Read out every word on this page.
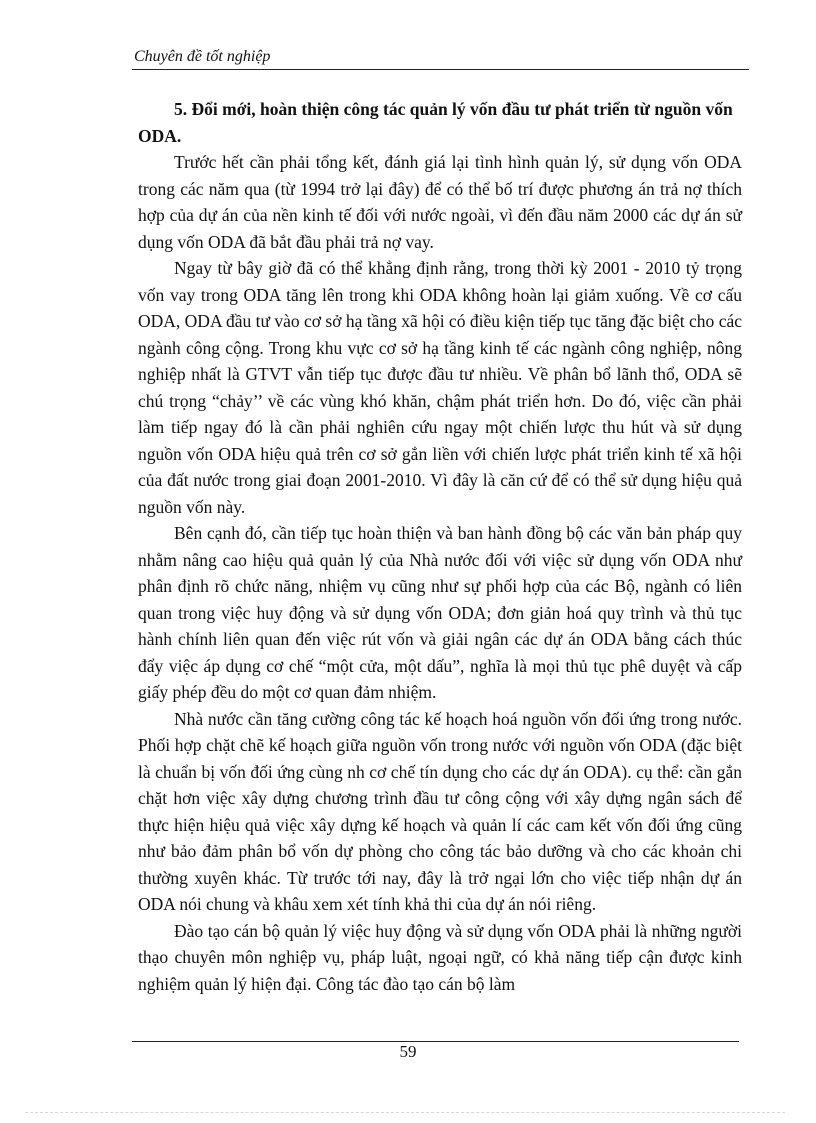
Chuyên đề tốt nghiệp

5. Đổi mới, hoàn thiện công tác quản lý vốn đầu tư phát triển từ nguồn vốn ODA.

Trước hết cần phải tổng kết, đánh giá lại tình hình quản lý, sử dụng vốn ODA trong các năm qua (từ 1994 trở lại đây) để có thể bố trí được phương án trả nợ thích hợp của dự án của nền kinh tế đối với nước ngoài, vì đến đầu năm 2000 các dự án sử dụng vốn ODA đã bắt đầu phải trả nợ vay.

Ngay từ bây giờ đã có thể khẳng định rằng, trong thời kỳ 2001 - 2010 tỷ trọng vốn vay trong ODA tăng lên trong khi ODA không hoàn lại giảm xuống. Về cơ cấu ODA, ODA đầu tư vào cơ sở hạ tầng xã hội có điều kiện tiếp tục tăng đặc biệt cho các ngành công cộng. Trong khu vực cơ sở hạ tầng kinh tế các ngành công nghiệp, nông nghiệp nhất là GTVT vẫn tiếp tục được đầu tư nhiều. Về phân bổ lãnh thổ, ODA sẽ chú trọng “chảy’’ về các vùng khó khăn, chậm phát triển hơn. Do đó, việc cần phải làm tiếp ngay đó là cần phải nghiên cứu ngay một chiến lược thu hút và sử dụng nguồn vốn ODA hiệu quả trên cơ sở gắn liền với chiến lược phát triển kinh tế xã hội của đất nước trong giai đoạn 2001-2010. Vì đây là căn cứ để có thể sử dụng hiệu quả nguồn vốn này.

Bên cạnh đó, cần tiếp tục hoàn thiện và ban hành đồng bộ các văn bản pháp quy nhằm nâng cao hiệu quả quản lý của Nhà nước đối với việc sử dụng vốn ODA như phân định rõ chức năng, nhiệm vụ cũng như sự phối hợp của các Bộ, ngành có liên quan trong việc huy động và sử dụng vốn ODA; đơn giản hoá quy trình và thủ tục hành chính liên quan đến việc rút vốn và giải ngân các dự án ODA bằng cách thúc đẩy việc áp dụng cơ chế “một cửa, một dấu”, nghĩa là mọi thủ tục phê duyệt và cấp giấy phép đều do một cơ quan đảm nhiệm.

Nhà nước cần tăng cường công tác kế hoạch hoá nguồn vốn đối ứng trong nước. Phối hợp chặt chẽ kế hoạch giữa nguồn vốn trong nước với nguồn vốn ODA (đặc biệt là chuẩn bị vốn đối ứng cùng nh cơ chế tín dụng cho các dự án ODA). cụ thể: cần gắn chặt hơn việc xây dựng chương trình đầu tư công cộng với xây dựng ngân sách để thực hiện hiệu quả việc xây dựng kế hoạch và quản lí các cam kết vốn đối ứng cũng như bảo đảm phân bổ vốn dự phòng cho công tác bảo dưỡng và cho các khoản chi thường xuyên khác. Từ trước tới nay, đây là trở ngại lớn cho việc tiếp nhận dự án ODA nói chung và khâu xem xét tính khả thi của dự án nói riêng.

Đào tạo cán bộ quản lý việc huy động và sử dụng vốn ODA phải là những người thạo chuyên môn nghiệp vụ, pháp luật, ngoại ngữ, có khả năng tiếp cận được kinh nghiệm quản lý hiện đại. Công tác đào tạo cán bộ làm

59
